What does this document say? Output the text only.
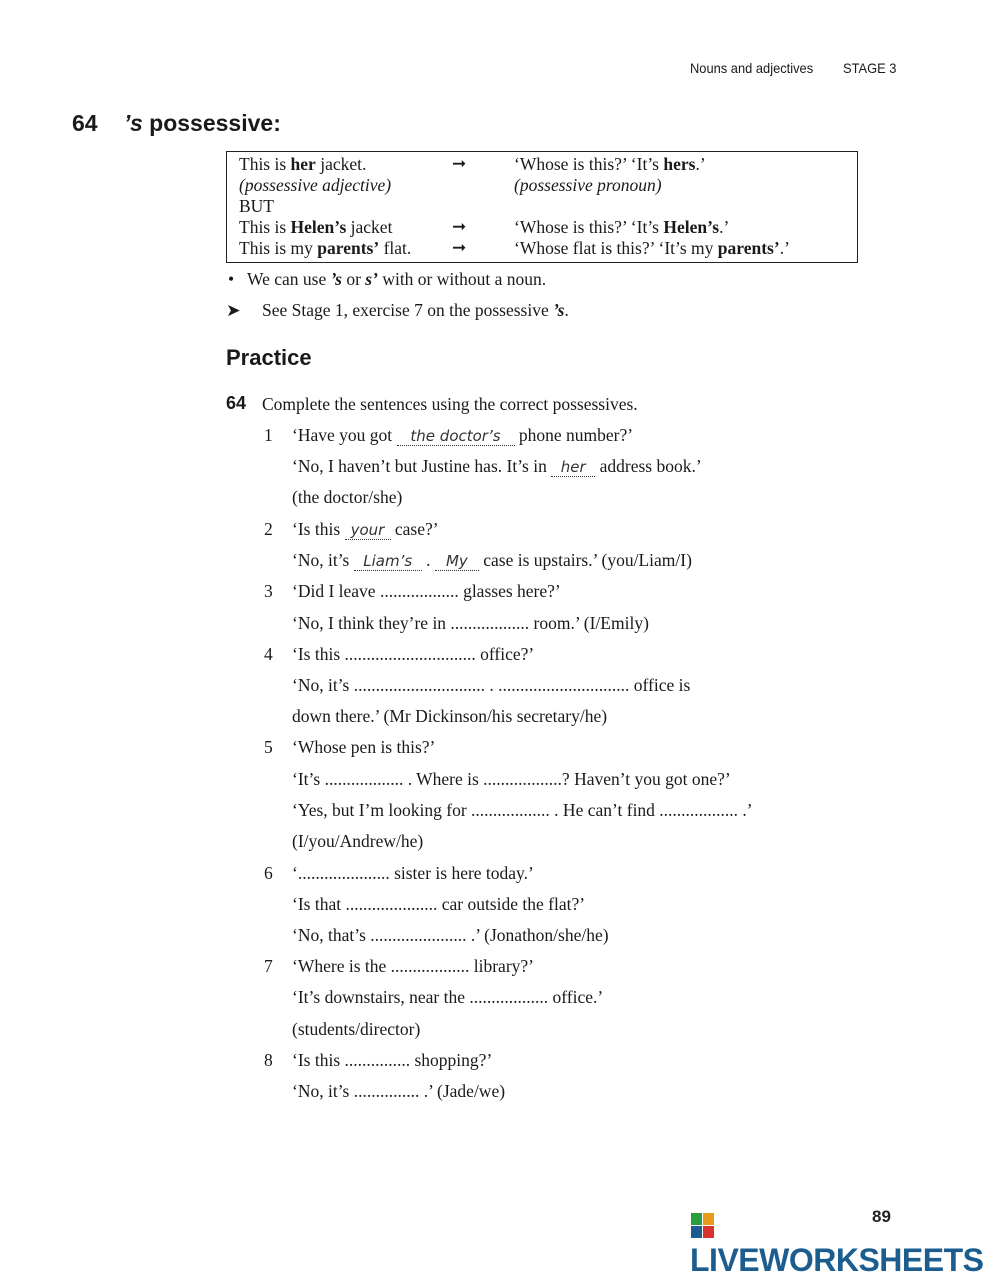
Nouns and adjectives STAGE 3
64 ’s possessive:
This is her jacket.	➞	‘Whose is this?’ ‘It’s hers.’
(possessive adjective)	(possessive pronoun)
BUT
This is Helen’s jacket	➞	‘Whose is this?’ ‘It’s Helen’s.’
This is my parents’ flat. ➞	‘Whose flat is this?’ ‘It’s my parents’.’
• We can use ’s or s’ with or without a noun.
➤ See Stage 1, exercise 7 on the possessive ’s.
Practice
64 Complete the sentences using the correct possessives.
1
2
3
4
5
6
7
8
‘Have you got the doctor’s phone number?’
‘No, I haven’t but Justine has. It’s in her address book.’
(the doctor/she)
‘Is this your case?’
‘No, it’s Liam’s . My case is upstairs.’ (you/Liam/I)
‘Did I leave .................. glasses here?’
‘No, I think they’re in .................. room.’ (I/Emily)
‘Is this .............................. office?’
‘No, it’s .............................. . .............................. office is
down there.’ (Mr Dickinson/his secretary/he)
‘Whose pen is this?’
‘It’s .................. . Where is ..................? Haven’t you got one?’
‘Yes, but I’m looking for .................. . He can’t find .................. .’
(I/you/Andrew/he)
‘..................... sister is here today.’
‘Is that ..................... car outside the flat?’
‘No, that’s ...................... .’ (Jonathon/she/he)
‘Where is the .................. library?’
‘It’s downstairs, near the .................. office.’
(students/director)
‘Is this ............... shopping?’
‘No, it’s ............... .’ (Jade/we)
LIVEWORKSHEETS
89
